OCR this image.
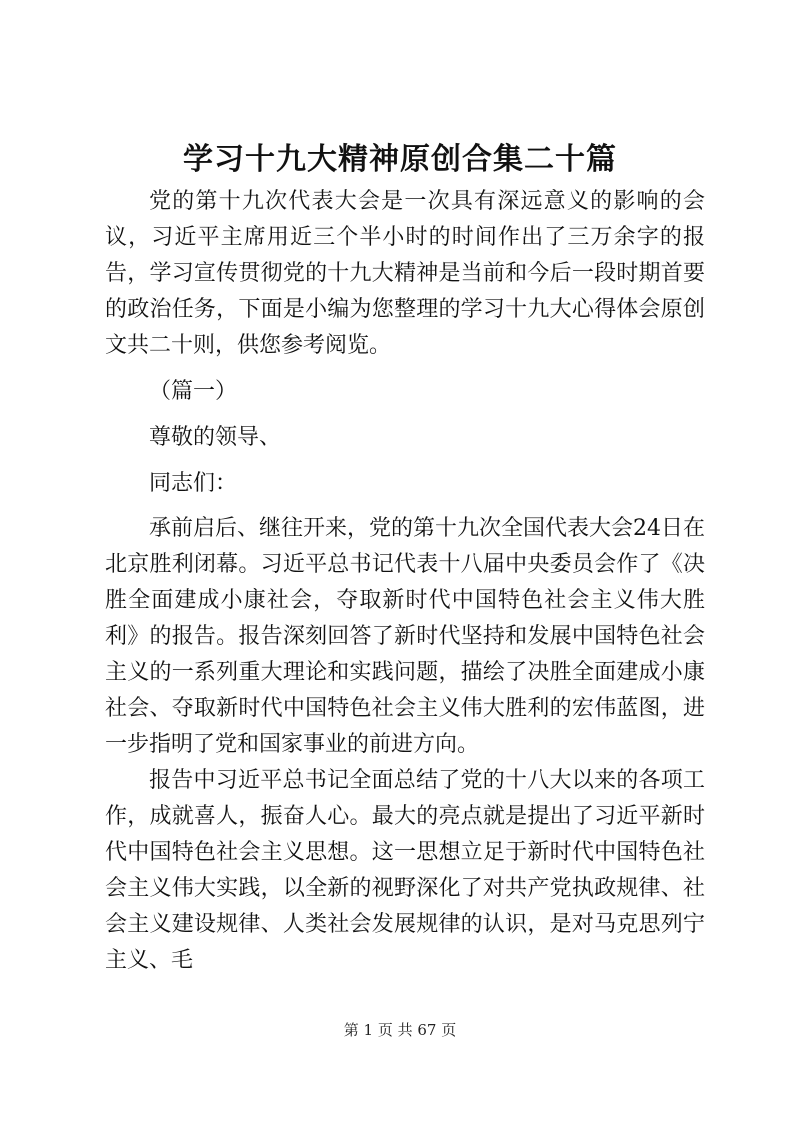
学习十九大精神原创合集二十篇

党的第十九次代表大会是一次具有深远意义的影响的会议，习近平主席用近三个半小时的时间作出了三万余字的报告，学习宣传贯彻党的十九大精神是当前和今后一段时期首要的政治任务，下面是小编为您整理的学习十九大心得体会原创文共二十则，供您参考阅览。

（篇一）

尊敬的领导、

同志们：

承前启后、继往开来，党的第十九次全国代表大会24日在北京胜利闭幕。习近平总书记代表十八届中央委员会作了《决胜全面建成小康社会，夺取新时代中国特色社会主义伟大胜利》的报告。报告深刻回答了新时代坚持和发展中国特色社会主义的一系列重大理论和实践问题，描绘了决胜全面建成小康社会、夺取新时代中国特色社会主义伟大胜利的宏伟蓝图，进一步指明了党和国家事业的前进方向。

报告中习近平总书记全面总结了党的十八大以来的各项工作，成就喜人，振奋人心。最大的亮点就是提出了习近平新时代中国特色社会主义思想。这一思想立足于新时代中国特色社会主义伟大实践，以全新的视野深化了对共产党执政规律、社会主义建设规律、人类社会发展规律的认识，是对马克思列宁主义、毛

第 1 页 共 67 页
